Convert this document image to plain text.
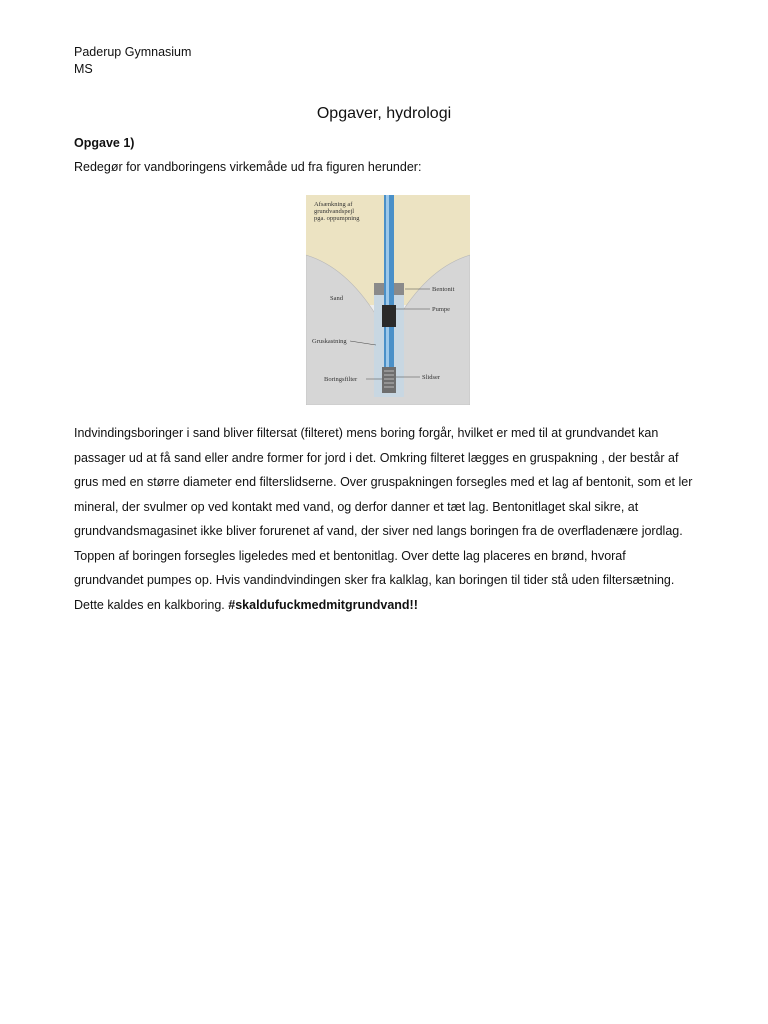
Paderup Gymnasium
MS
Opgaver, hydrologi
Opgave 1)
Redegør for vandboringens virkemåde ud fra figuren herunder:
Afsænkning af
grundvandspejl
pga. oppumpning
Sand
Bentonit
Pumpe
Gruskastning
Boringsfilter	Slidser

Indvindingsboringer i sand bliver filtersat (filteret) mens boring forgår, hvilket er med til at grundvandet kan passager ud at få sand eller andre former for jord i det. Omkring filteret lægges en gruspakning , der består af grus med en større diameter end filterslidserne. Over gruspakningen forsegles med et lag af bentonit, som et ler mineral, der svulmer op ved kontakt med vand, og derfor danner et tæt lag. Bentonitlaget skal sikre, at grundvandsmagasinet ikke bliver forurenet af vand, der siver ned langs boringen fra de overfladenære jordlag. Toppen af boringen forsegles ligeledes med et bentonitlag. Over dette lag placeres en brønd, hvoraf grundvandet pumpes op. Hvis vandindvindingen sker fra kalklag, kan boringen til tider stå uden filtersætning. Dette kaldes en kalkboring. #skaldufuckmedmitgrundvand!!
